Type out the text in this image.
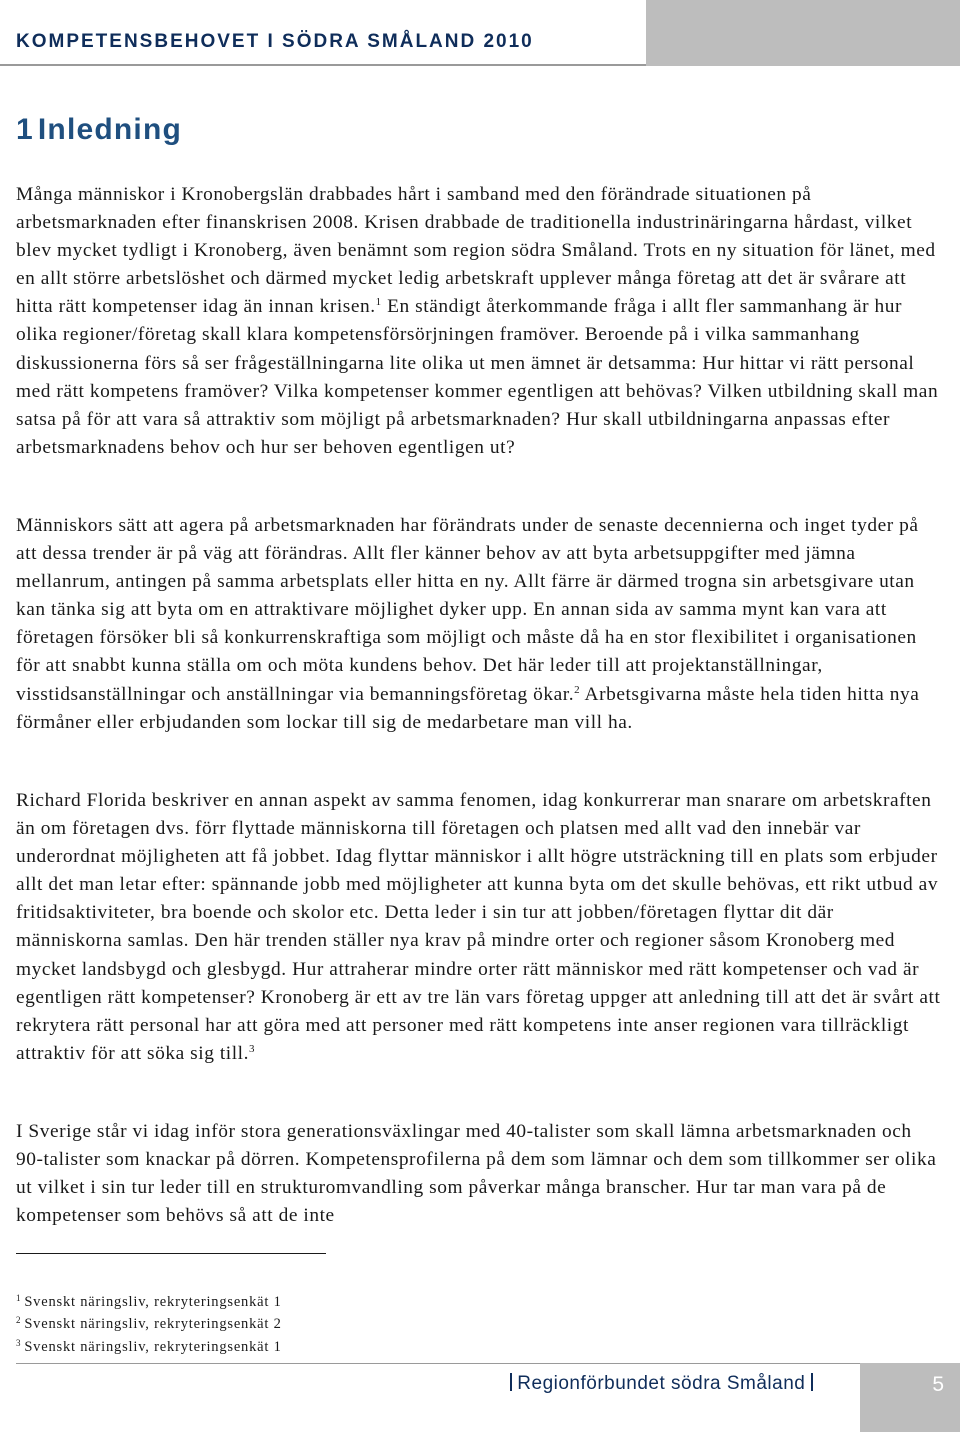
KOMPETENSBEHOVET I SÖDRA SMÅLAND 2010
1 Inledning

Många människor i Kronobergslän drabbades hårt i samband med den förändrade situationen på arbetsmarknaden efter finanskrisen 2008. Krisen drabbade de traditionella industrinäringarna hårdast, vilket blev mycket tydligt i Kronoberg, även benämnt som region södra Småland. Trots en ny situation för länet, med en allt större arbetslöshet och därmed mycket ledig arbetskraft upplever många företag att det är svårare att hitta rätt kompetenser idag än innan krisen.$^1$ En ständigt återkommande fråga i allt fler sammanhang är hur olika regioner/företag skall klara kompetensförsörjningen framöver. Beroende på i vilka sammanhang diskussionerna förs så ser frågeställningarna lite olika ut men ämnet är detsamma: Hur hittar vi rätt personal med rätt kompetens framöver? Vilka kompetenser kommer egentligen att behövas? Vilken utbildning skall man satsa på för att vara så attraktiv som möjligt på arbetsmarknaden? Hur skall utbildningarna anpassas efter arbetsmarknadens behov och hur ser behoven egentligen ut?

Människors sätt att agera på arbetsmarknaden har förändrats under de senaste decennierna och inget tyder på att dessa trender är på väg att förändras. Allt fler känner behov av att byta arbetsuppgifter med jämna mellanrum, antingen på samma arbetsplats eller hitta en ny. Allt färre är därmed trogna sin arbetsgivare utan kan tänka sig att byta om en attraktivare möjlighet dyker upp. En annan sida av samma mynt kan vara att företagen försöker bli så konkurrenskraftiga som möjligt och måste då ha en stor flexibilitet i organisationen för att snabbt kunna ställa om och möta kundens behov. Det här leder till att projektanställningar, visstidsanställningar och anställningar via bemanningsföretag ökar.$^2$ Arbetsgivarna måste hela tiden hitta nya förmåner eller erbjudanden som lockar till sig de medarbetare man vill ha.

Richard Florida beskriver en annan aspekt av samma fenomen, idag konkurrerar man snarare om arbetskraften än om företagen dvs. förr flyttade människorna till företagen och platsen med allt vad den innebär var underordnat möjligheten att få jobbet. Idag flyttar människor i allt högre utsträckning till en plats som erbjuder allt det man letar efter: spännande jobb med möjligheter att kunna byta om det skulle behövas, ett rikt utbud av fritidsaktiviteter, bra boende och skolor etc. Detta leder i sin tur att jobben/företagen flyttar dit där människorna samlas. Den här trenden ställer nya krav på mindre orter och regioner såsom Kronoberg med mycket landsbygd och glesbygd. Hur attraherar mindre orter rätt människor med rätt kompetenser och vad är egentligen rätt kompetenser? Kronoberg är ett av tre län vars företag uppger att anledning till att det är svårt att rekrytera rätt personal har att göra med att personer med rätt kompetens inte anser regionen vara tillräckligt attraktiv för att söka sig till.$^3$

I Sverige står vi idag inför stora generationsväxlingar med 40-talister som skall lämna arbetsmarknaden och 90-talister som knackar på dörren. Kompetensprofilerna på dem som lämnar och dem som tillkommer ser olika ut vilket i sin tur leder till en strukturomvandling som påverkar många branscher. Hur tar man vara på de kompetenser som behövs så att de inte

$^1$ Svenskt näringsliv, rekryteringsenkät 1
$^2$ Svenskt näringsliv, rekryteringsenkät 2
$^3$ Svenskt näringsliv, rekryteringsenkät 1
Regionförbundet södra Småland	5
